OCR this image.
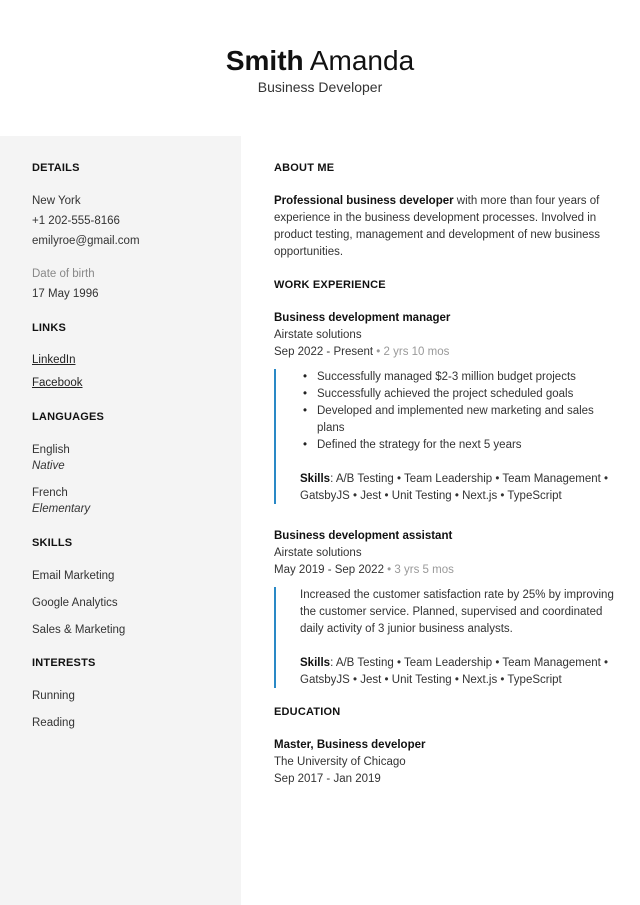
Smith Amanda
Business Developer
DETAILS
New York
+1 202-555-8166
emilyroe@gmail.com
Date of birth
17 May 1996
LINKS
LinkedIn
Facebook
LANGUAGES
English
Native
French
Elementary
SKILLS
Email Marketing
Google Analytics
Sales & Marketing
INTERESTS
Running
Reading
ABOUT ME
Professional business developer with more than four years of experience in the business development processes. Involved in product testing, management and development of new business opportunities.
WORK EXPERIENCE
Business development manager
Airstate solutions
Sep 2022 - Present • 2 yrs 10 mos
• Successfully managed $2-3 million budget projects
• Successfully achieved the project scheduled goals
• Developed and implemented new marketing and sales plans
• Defined the strategy for the next 5 years
Skills: A/B Testing • Team Leadership • Team Management • GatsbyJS • Jest • Unit Testing • Next.js • TypeScript
Business development assistant
Airstate solutions
May 2019 - Sep 2022 • 3 yrs 5 mos
Increased the customer satisfaction rate by 25% by improving the customer service. Planned, supervised and coordinated daily activity of 3 junior business analysts.
Skills: A/B Testing • Team Leadership • Team Management • GatsbyJS • Jest • Unit Testing • Next.js • TypeScript
EDUCATION
Master, Business developer
The University of Chicago
Sep 2017 - Jan 2019
